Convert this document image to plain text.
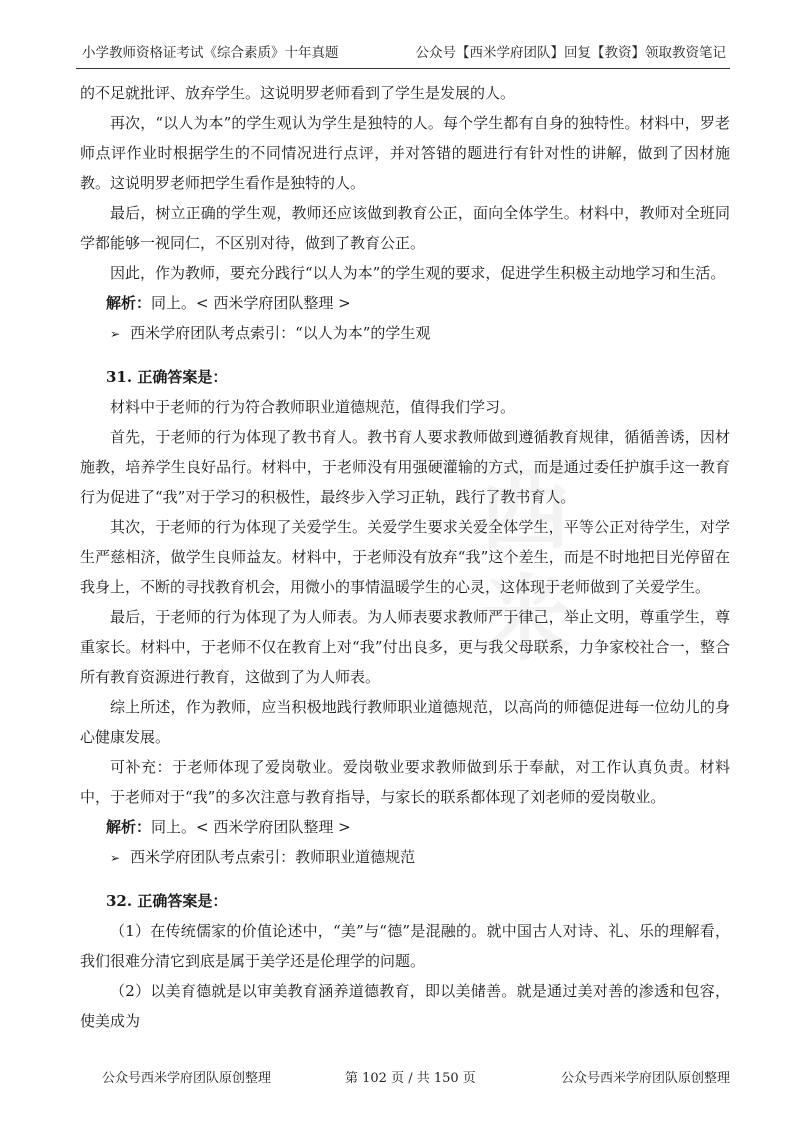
小学教师资格证考试《综合素质》十年真题	公众号【西米学府团队】回复【教资】领取教资笔记
西
米

的不足就批评、放弃学生。这说明罗老师看到了学生是发展的人。

再次，“以人为本”的学生观认为学生是独特的人。每个学生都有自身的独特性。材料中，罗老师点评作业时根据学生的不同情况进行点评，并对答错的题进行有针对性的讲解，做到了因材施教。这说明罗老师把学生看作是独特的人。

最后，树立正确的学生观，教师还应该做到教育公正，面向全体学生。材料中，教师对全班同学都能够一视同仁，不区别对待，做到了教育公正。

因此，作为教师，要充分践行“以人为本”的学生观的要求，促进学生积极主动地学习和生活。

解析：同上。< 西米学府团队整理 >

➢ 西米学府团队考点索引：“以人为本”的学生观

31. 正确答案是：

材料中于老师的行为符合教师职业道德规范，值得我们学习。

首先，于老师的行为体现了教书育人。教书育人要求教师做到遵循教育规律，循循善诱，因材施教，培养学生良好品行。材料中，于老师没有用强硬灌输的方式，而是通过委任护旗手这一教育行为促进了“我”对于学习的积极性，最终步入学习正轨，践行了教书育人。

其次，于老师的行为体现了关爱学生。关爱学生要求关爱全体学生，平等公正对待学生，对学生严慈相济，做学生良师益友。材料中，于老师没有放弃“我”这个差生，而是不时地把目光停留在我身上，不断的寻找教育机会，用微小的事情温暖学生的心灵，这体现于老师做到了关爱学生。

最后，于老师的行为体现了为人师表。为人师表要求教师严于律己，举止文明，尊重学生，尊重家长。材料中，于老师不仅在教育上对“我”付出良多，更与我父母联系，力争家校社合一，整合所有教育资源进行教育，这做到了为人师表。

综上所述，作为教师，应当积极地践行教师职业道德规范，以高尚的师德促进每一位幼儿的身心健康发展。

可补充：于老师体现了爱岗敬业。爱岗敬业要求教师做到乐于奉献，对工作认真负责。材料中，于老师对于“我”的多次注意与教育指导，与家长的联系都体现了刘老师的爱岗敬业。

解析：同上。< 西米学府团队整理 >

➢ 西米学府团队考点索引：教师职业道德规范

32. 正确答案是：

（1）在传统儒家的价值论述中，“美”与“德”是混融的。就中国古人对诗、礼、乐的理解看，我们很难分清它到底是属于美学还是伦理学的问题。

（2）以美育德就是以审美教育涵养道德教育，即以美储善。就是通过美对善的渗透和包容，使美成为

公众号西米学府团队原创整理	第 102 页 / 共 150 页	公众号西米学府团队原创整理
